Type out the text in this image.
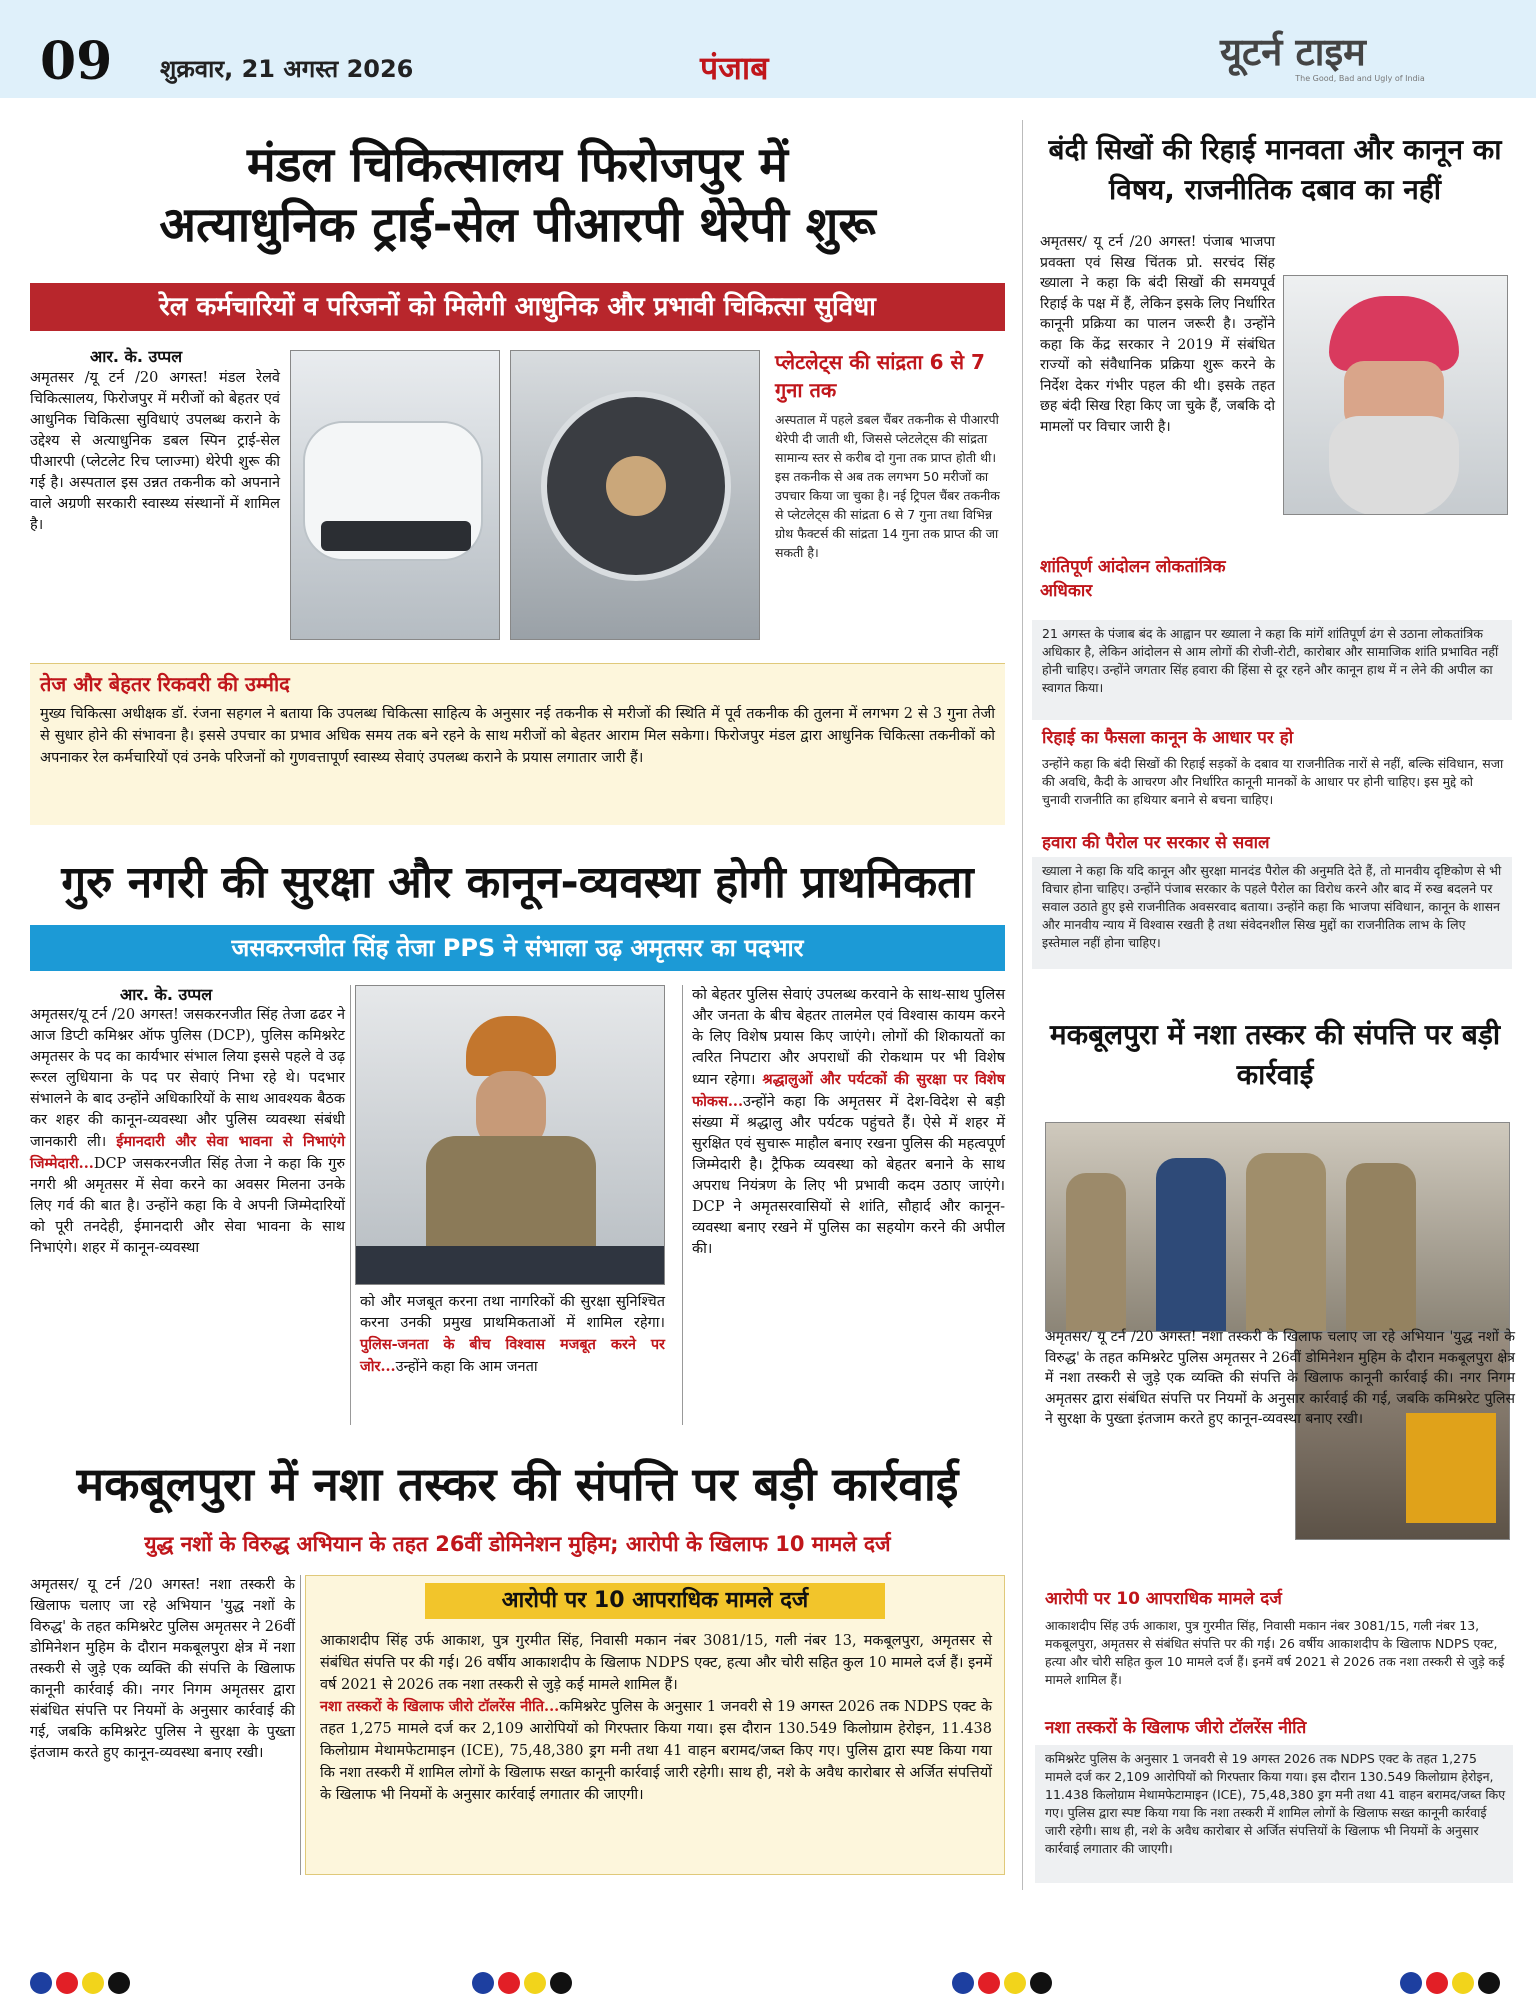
09 शुक्रवार, 21 अगस्त 2026	पंजाब	यूटर्न टाइम
The Good, Bad and Ugly of India
मंडल चिकित्सालय फिरोजपुर में
अत्याधुनिक ट्राई-सेल पीआरपी थेरेपी शुरू
रेल कर्मचारियों व परिजनों को मिलेगी आधुनिक और प्रभावी चिकित्सा सुविधा
आर. के. उप्पल
अमृतसर /यू टर्न /20 अगस्त! मंडल रेलवे चिकित्सालय, फिरोजपुर में मरीजों को बेहतर एवं आधुनिक चिकित्सा सुविधाएं उपलब्ध कराने के उद्देश्य से अत्याधुनिक डबल स्पिन ट्राई-सेल पीआरपी (प्लेटलेट रिच प्लाज्मा) थेरेपी शुरू की गई है। अस्पताल इस उन्नत तकनीक को अपनाने वाले अग्रणी सरकारी स्वास्थ्य संस्थानों में शामिल है।
प्लेटलेट्स की सांद्रता 6 से 7 गुना तक
अस्पताल में पहले डबल चैंबर तकनीक से पीआरपी थेरेपी दी जाती थी, जिससे प्लेटलेट्स की सांद्रता सामान्य स्तर से करीब दो गुना तक प्राप्त होती थी। इस तकनीक से अब तक लगभग 50 मरीजों का उपचार किया जा चुका है। नई ट्रिपल चैंबर तकनीक से प्लेटलेट्स की सांद्रता 6 से 7 गुना तथा विभिन्न ग्रोथ फैक्टर्स की सांद्रता 14 गुना तक प्राप्त की जा सकती है।
तेज और बेहतर रिकवरी की उम्मीद
मुख्य चिकित्सा अधीक्षक डॉ. रंजना सहगल ने बताया कि उपलब्ध चिकित्सा साहित्य के अनुसार नई तकनीक से मरीजों की स्थिति में पूर्व तकनीक की तुलना में लगभग 2 से 3 गुना तेजी से सुधार होने की संभावना है। इससे उपचार का प्रभाव अधिक समय तक बने रहने के साथ मरीजों को बेहतर आराम मिल सकेगा। फिरोजपुर मंडल द्वारा आधुनिक चिकित्सा तकनीकों को अपनाकर रेल कर्मचारियों एवं उनके परिजनों को गुणवत्तापूर्ण स्वास्थ्य सेवाएं उपलब्ध कराने के प्रयास लगातार जारी हैं।
गुरु नगरी की सुरक्षा और कानून-व्यवस्था होगी प्राथमिकता
जसकरनजीत सिंह तेजा PPS ने संभाला उढ़ अमृतसर का पदभार
आर. के. उप्पल
अमृतसर/यू टर्न /20 अगस्त! जसकरनजीत सिंह तेजा ढढर ने आज डिप्टी कमिश्नर ऑफ पुलिस (DCP), पुलिस कमिश्नरेट अमृतसर के पद का कार्यभार संभाल लिया इससे पहले वे उढ़ रूरल लुधियाना के पद पर सेवाएं निभा रहे थे। पदभार संभालने के बाद उन्होंने अधिकारियों के साथ आवश्यक बैठक कर शहर की कानून-व्यवस्था और पुलिस व्यवस्था संबंधी जानकारी ली। ईमानदारी और सेवा भावना से निभाएंगे जिम्मेदारी...DCP जसकरनजीत सिंह तेजा ने कहा कि गुरु नगरी श्री अमृतसर में सेवा करने का अवसर मिलना उनके लिए गर्व की बात है। उन्होंने कहा कि वे अपनी जिम्मेदारियों को पूरी तनदेही, ईमानदारी और सेवा भावना के साथ निभाएंगे। शहर में कानून-व्यवस्था
को और मजबूत करना तथा नागरिकों की सुरक्षा सुनिश्चित करना उनकी प्रमुख प्राथमिकताओं में शामिल रहेगा। पुलिस-जनता के बीच विश्वास मजबूत करने पर जोर...उन्होंने कहा कि आम जनता
को बेहतर पुलिस सेवाएं उपलब्ध करवाने के साथ-साथ पुलिस और जनता के बीच बेहतर तालमेल एवं विश्वास कायम करने के लिए विशेष प्रयास किए जाएंगे। लोगों की शिकायतों का त्वरित निपटारा और अपराधों की रोकथाम पर भी विशेष ध्यान रहेगा। श्रद्धालुओं और पर्यटकों की सुरक्षा पर विशेष फोकस...उन्होंने कहा कि अमृतसर में देश-विदेश से बड़ी संख्या में श्रद्धालु और पर्यटक पहुंचते हैं। ऐसे में शहर में सुरक्षित एवं सुचारू माहौल बनाए रखना पुलिस की महत्वपूर्ण जिम्मेदारी है। ट्रैफिक व्यवस्था को बेहतर बनाने के साथ अपराध नियंत्रण के लिए भी प्रभावी कदम उठाए जाएंगे। DCP ने अमृतसरवासियों से शांति, सौहार्द और कानून-व्यवस्था बनाए रखने में पुलिस का सहयोग करने की अपील की।
मकबूलपुरा में नशा तस्कर की संपत्ति पर बड़ी कार्रवाई
युद्ध नशों के विरुद्ध अभियान के तहत 26वीं डोमिनेशन मुहिम; आरोपी के खिलाफ 10 मामले दर्ज
अमृतसर/ यू टर्न /20 अगस्त! नशा तस्करी के खिलाफ चलाए जा रहे अभियान 'युद्ध नशों के विरुद्ध' के तहत कमिश्नरेट पुलिस अमृतसर ने 26वीं डोमिनेशन मुहिम के दौरान मकबूलपुरा क्षेत्र में नशा तस्करी से जुड़े एक व्यक्ति की संपत्ति के खिलाफ कानूनी कार्रवाई की। नगर निगम अमृतसर द्वारा संबंधित संपत्ति पर नियमों के अनुसार कार्रवाई की गई, जबकि कमिश्नरेट पुलिस ने सुरक्षा के पुख्ता इंतजाम करते हुए कानून-व्यवस्था बनाए रखी।
आरोपी पर 10 आपराधिक मामले दर्ज
आकाशदीप सिंह उर्फ आकाश, पुत्र गुरमीत सिंह, निवासी मकान नंबर 3081/15, गली नंबर 13, मकबूलपुरा, अमृतसर से संबंधित संपत्ति पर की गई। 26 वर्षीय आकाशदीप के खिलाफ NDPS एक्ट, हत्या और चोरी सहित कुल 10 मामले दर्ज हैं। इनमें वर्ष 2021 से 2026 तक नशा तस्करी से जुड़े कई मामले शामिल हैं।
नशा तस्करों के खिलाफ जीरो टॉलरेंस नीति...कमिश्नरेट पुलिस के अनुसार 1 जनवरी से 19 अगस्त 2026 तक NDPS एक्ट के तहत 1,275 मामले दर्ज कर 2,109 आरोपियों को गिरफ्तार किया गया। इस दौरान 130.549 किलोग्राम हेरोइन, 11.438 किलोग्राम मेथामफेटामाइन (ICE), 75,48,380 ड्रग मनी तथा 41 वाहन बरामद/जब्त किए गए। पुलिस द्वारा स्पष्ट किया गया कि नशा तस्करी में शामिल लोगों के खिलाफ सख्त कानूनी कार्रवाई जारी रहेगी। साथ ही, नशे के अवैध कारोबार से अर्जित संपत्तियों के खिलाफ भी नियमों के अनुसार कार्रवाई लगातार की जाएगी।
बंदी सिखों की रिहाई मानवता और कानून का विषय, राजनीतिक दबाव का नहीं
अमृतसर/ यू टर्न /20 अगस्त! पंजाब भाजपा प्रवक्ता एवं सिख चिंतक प्रो. सरचंद सिंह ख्याला ने कहा कि बंदी सिखों की समयपूर्व रिहाई के पक्ष में हैं, लेकिन इसके लिए निर्धारित कानूनी प्रक्रिया का पालन जरूरी है। उन्होंने कहा कि केंद्र सरकार ने 2019 में संबंधित राज्यों को संवैधानिक प्रक्रिया शुरू करने के निर्देश देकर गंभीर पहल की थी। इसके तहत छह बंदी सिख रिहा किए जा चुके हैं, जबकि दो मामलों पर विचार जारी है।
शांतिपूर्ण आंदोलन लोकतांत्रिक अधिकार
21 अगस्त के पंजाब बंद के आह्वान पर ख्याला ने कहा कि मांगें शांतिपूर्ण ढंग से उठाना लोकतांत्रिक अधिकार है, लेकिन आंदोलन से आम लोगों की रोजी-रोटी, कारोबार और सामाजिक शांति प्रभावित नहीं होनी चाहिए। उन्होंने जगतार सिंह हवारा की हिंसा से दूर रहने और कानून हाथ में न लेने की अपील का स्वागत किया।
रिहाई का फैसला कानून के आधार पर हो
उन्होंने कहा कि बंदी सिखों की रिहाई सड़कों के दबाव या राजनीतिक नारों से नहीं, बल्कि संविधान, सजा की अवधि, कैदी के आचरण और निर्धारित कानूनी मानकों के आधार पर होनी चाहिए। इस मुद्दे को चुनावी राजनीति का हथियार बनाने से बचना चाहिए।
हवारा की पैरोल पर सरकार से सवाल
ख्याला ने कहा कि यदि कानून और सुरक्षा मानदंड पैरोल की अनुमति देते हैं, तो मानवीय दृष्टिकोण से भी विचार होना चाहिए। उन्होंने पंजाब सरकार के पहले पैरोल का विरोध करने और बाद में रुख बदलने पर सवाल उठाते हुए इसे राजनीतिक अवसरवाद बताया। उन्होंने कहा कि भाजपा संविधान, कानून के शासन और मानवीय न्याय में विश्वास रखती है तथा संवेदनशील सिख मुद्दों का राजनीतिक लाभ के लिए इस्तेमाल नहीं होना चाहिए।
मकबूलपुरा में नशा तस्कर की संपत्ति पर बड़ी कार्रवाई
अमृतसर/ यू टर्न /20 अगस्त! नशा तस्करी के खिलाफ चलाए जा रहे अभियान 'युद्ध नशों के विरुद्ध' के तहत कमिश्नरेट पुलिस अमृतसर ने 26वीं डोमिनेशन मुहिम के दौरान मकबूलपुरा क्षेत्र में नशा तस्करी से जुड़े एक व्यक्ति की संपत्ति के खिलाफ कानूनी कार्रवाई की। नगर निगम अमृतसर द्वारा संबंधित संपत्ति पर नियमों के अनुसार कार्रवाई की गई, जबकि कमिश्नरेट पुलिस ने सुरक्षा के पुख्ता इंतजाम करते हुए कानून-व्यवस्था बनाए रखी।
आरोपी पर 10 आपराधिक मामले दर्ज
आकाशदीप सिंह उर्फ आकाश, पुत्र गुरमीत सिंह, निवासी मकान नंबर 3081/15, गली नंबर 13, मकबूलपुरा, अमृतसर से संबंधित संपत्ति पर की गई। 26 वर्षीय आकाशदीप के खिलाफ NDPS एक्ट, हत्या और चोरी सहित कुल 10 मामले दर्ज हैं। इनमें वर्ष 2021 से 2026 तक नशा तस्करी से जुड़े कई मामले शामिल हैं।
नशा तस्करों के खिलाफ जीरो टॉलरेंस नीति
कमिश्नरेट पुलिस के अनुसार 1 जनवरी से 19 अगस्त 2026 तक NDPS एक्ट के तहत 1,275 मामले दर्ज कर 2,109 आरोपियों को गिरफ्तार किया गया। इस दौरान 130.549 किलोग्राम हेरोइन, 11.438 किलोग्राम मेथामफेटामाइन (ICE), 75,48,380 ड्रग मनी तथा 41 वाहन बरामद/जब्त किए गए। पुलिस द्वारा स्पष्ट किया गया कि नशा तस्करी में शामिल लोगों के खिलाफ सख्त कानूनी कार्रवाई जारी रहेगी। साथ ही, नशे के अवैध कारोबार से अर्जित संपत्तियों के खिलाफ भी नियमों के अनुसार कार्रवाई लगातार की जाएगी।
